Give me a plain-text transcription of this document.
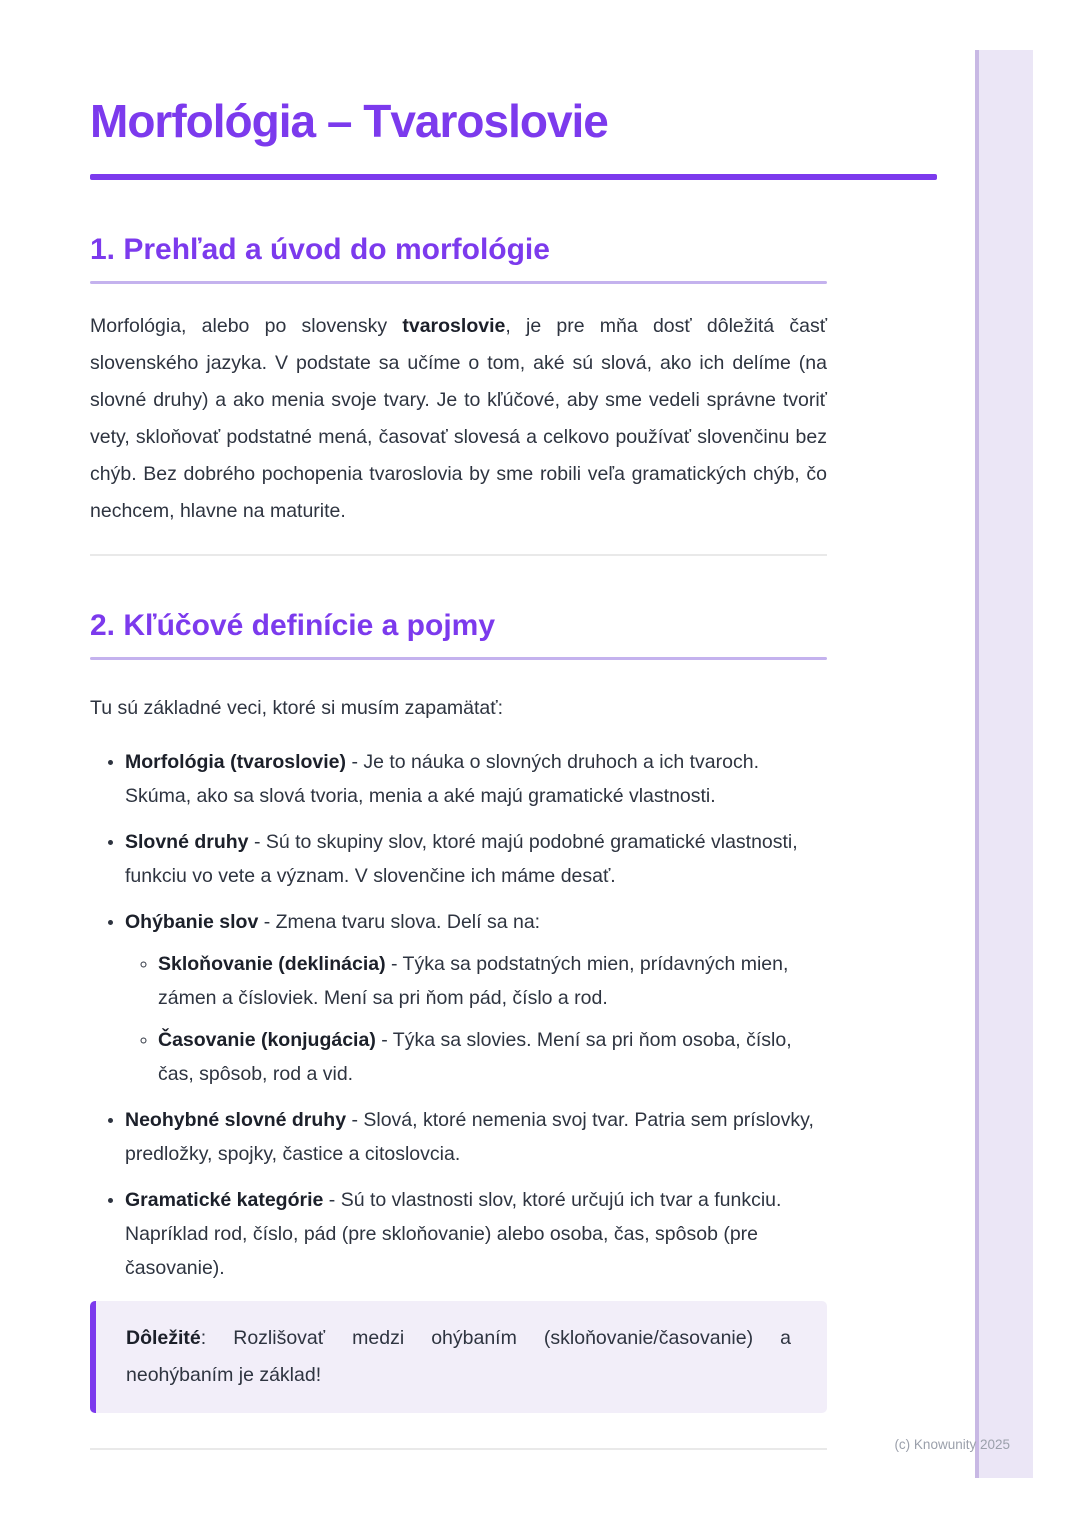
Morfológia – Tvaroslovie
1. Prehľad a úvod do morfológie

Morfológia, alebo po slovensky tvaroslovie, je pre mňa dosť dôležitá časť slovenského jazyka. V podstate sa učíme o tom, aké sú slová, ako ich delíme (na slovné druhy) a ako menia svoje tvary. Je to kľúčové, aby sme vedeli správne tvoriť vety, skloňovať podstatné mená, časovať slovesá a celkovo používať slovenčinu bez chýb. Bez dobrého pochopenia tvaroslovia by sme robili veľa gramatických chýb, čo nechcem, hlavne na maturite.

2. Kľúčové definície a pojmy

Tu sú základné veci, ktoré si musím zapamätať:

• Morfológia (tvaroslovie) - Je to náuka o slovných druhoch a ich tvaroch. Skúma, ako sa slová tvoria, menia a aké majú gramatické vlastnosti.
• Slovné druhy - Sú to skupiny slov, ktoré majú podobné gramatické vlastnosti, funkciu vo vete a význam. V slovenčine ich máme desať.
• Ohýbanie slov - Zmena tvaru slova. Delí sa na:
◦ Skloňovanie (deklinácia) - Týka sa podstatných mien, prídavných mien, zámen a čísloviek. Mení sa pri ňom pád, číslo a rod.
◦ Časovanie (konjugácia) - Týka sa slovies. Mení sa pri ňom osoba, číslo, čas, spôsob, rod a vid.
• Neohybné slovné druhy - Slová, ktoré nemenia svoj tvar. Patria sem príslovky, predložky, spojky, častice a citoslovcia.
• Gramatické kategórie - Sú to vlastnosti slov, ktoré určujú ich tvar a funkciu. Napríklad rod, číslo, pád (pre skloňovanie) alebo osoba, čas, spôsob (pre časovanie).

Dôležité: Rozlišovať medzi ohýbaním (skloňovanie/časovanie) a neohýbaním je základ!

(c) Knowunity 2025
